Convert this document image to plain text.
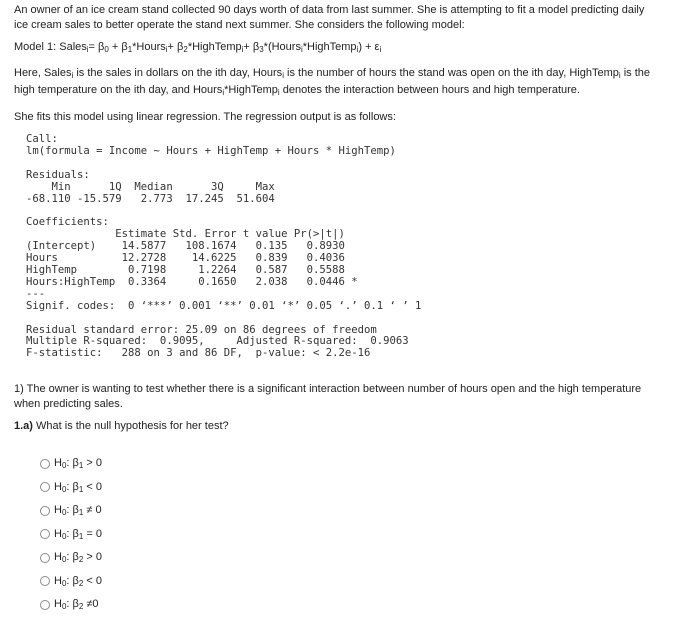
An owner of an ice cream stand collected 90 days worth of data from last summer. She is attempting to fit a model predicting daily ice cream sales to better operate the stand next summer. She considers the following model:

Model 1: Sales$_i$= $\beta_0$ + $\beta_1*Hours_i+$ $\beta_2*HighTemp_i+$ $\beta_3*(Hours_i*HighTemp_i) + \varepsilon_i$

Here, Sales$_i$ is the sales in dollars on the ith day, Hours$_i$ is the number of hours the stand was open on the ith day, HighTemp$_i$ is the high temperature on the ith day, and Hours$_i$*HighTemp$_i$ denotes the interaction between hours and high temperature.

She fits this model using linear regression. The regression output is as follows:

Call:
lm(formula = Income ~ Hours + HighTemp + Hours * HighTemp)

Residuals:
Min      1Q  Median      3Q     Max
-68.110 -15.579   2.773  17.245  51.604

Coefficients:
Estimate Std. Error t value Pr(>|t|)
(Intercept)    14.5877   108.1674   0.135   0.8930
Hours          12.2728    14.6225   0.839   0.4036
HighTemp        0.7198     1.2264   0.587   0.5588
Hours:HighTemp  0.3364     0.1650   2.038   0.0446 *
---
Signif. codes:  0 ‘***’ 0.001 ‘**’ 0.01 ‘*’ 0.05 ‘.’ 0.1 ‘ ’ 1

Residual standard error: 25.09 on 86 degrees of freedom
Multiple R-squared:  0.9095,     Adjusted R-squared:  0.9063
F-statistic:   288 on 3 and 86 DF,  p-value: < 2.2e-16

1) The owner is wanting to test whether there is a significant interaction between number of hours open and the high temperature when predicting sales.

1.a) What is the null hypothesis for her test?

$H_0$: $\beta_1 > 0$
$H_0$: $\beta_1 < 0$
$H_0$: $\beta_1 \ne 0$
$H_0$: $\beta_1 = 0$
$H_0$: $\beta_2 > 0$
$H_0$: $\beta_2 < 0$
$H_0$: $\beta_2 \ne 0$
